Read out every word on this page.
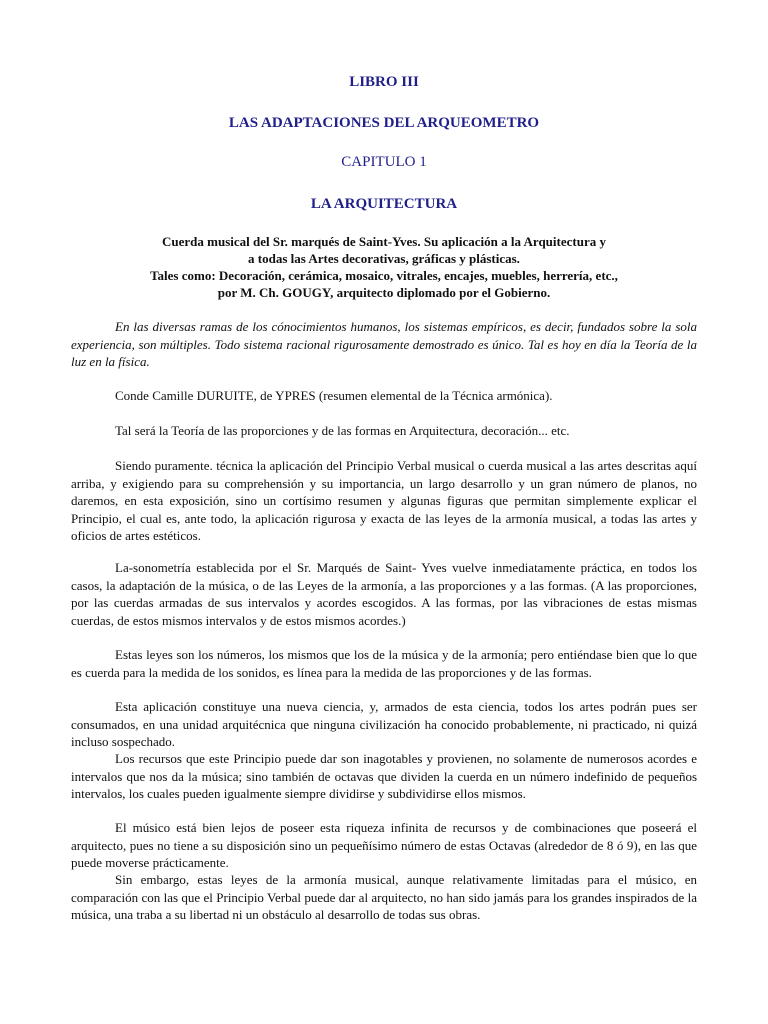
LIBRO III

LAS ADAPTACIONES DEL ARQUEOMETRO

CAPITULO 1

LA ARQUITECTURA

Cuerda musical del Sr. marqués de Saint-Yves. Su aplicación a la Arquitectura y

a todas las Artes decorativas, gráficas y plásticas.

Tales como: Decoración, cerámica, mosaico, vitrales, encajes, muebles, herrería, etc.,

por M. Ch. GOUGY, arquitecto diplomado por el Gobierno.

En las diversas ramas de los cónocimientos humanos, los sistemas empíricos, es decir, fundados sobre la sola experiencia, son múltiples. Todo sistema racional rigurosamente demostrado es único. Tal es hoy en día la Teoría de la luz en la física.

Conde Camille DURUITE, de YPRES (resumen elemental de la Técnica armónica).

Tal será la Teoría de las proporciones y de las formas en Arquitectura, decoración... etc.

Siendo puramente. técnica la aplicación del Principio Verbal musical o cuerda musical a las artes descritas aquí arriba, y exigiendo para su comprehensión y su importancia, un largo desarrollo y un gran número de planos, no daremos, en esta exposición, sino un cortísimo resumen y algunas figuras que permitan simplemente explicar el Principio, el cual es, ante todo, la aplicación rigurosa y exacta de las leyes de la armonía musical, a todas las artes y oficios de artes estéticos.

La-sonometría establecida por el Sr. Marqués de Saint- Yves vuelve inmediatamente práctica, en todos los casos, la adaptación de la música, o de las Leyes de la armonía, a las proporciones y a las formas. (A las proporciones, por las cuerdas armadas de sus intervalos y acordes escogidos. A las formas, por las vibraciones de estas mismas cuerdas, de estos mismos intervalos y de estos mismos acordes.)

Estas leyes son los números, los mismos que los de la música y de la armonía; pero entiéndase bien que lo que es cuerda para la medida de los sonidos, es línea para la medida de las proporciones y de las formas.

Esta aplicación constituye una nueva ciencia, y, armados de esta ciencia, todos los artes podrán pues ser consumados, en una unidad arquitécnica que ninguna civilización ha conocido probablemente, ni practicado, ni quizá incluso sospechado.

Los recursos que este Principio puede dar son inagotables y provienen, no solamente de numerosos acordes e intervalos que nos da la música; sino también de octavas que dividen la cuerda en un número indefinido de pequeños intervalos, los cuales pueden igualmente siempre dividirse y subdividirse ellos mismos.

El músico está bien lejos de poseer esta riqueza infinita de recursos y de combinaciones que poseerá el arquitecto, pues no tiene a su disposición sino un pequeñísimo número de estas Octavas (alrededor de 8 ó 9), en las que puede moverse prácticamente.

Sin embargo, estas leyes de la armonía musical, aunque relativamente limitadas para el músico, en comparación con las que el Principio Verbal puede dar al arquitecto, no han sido jamás para los grandes inspirados de la música, una traba a su libertad ni un obstáculo al desarrollo de todas sus obras.
